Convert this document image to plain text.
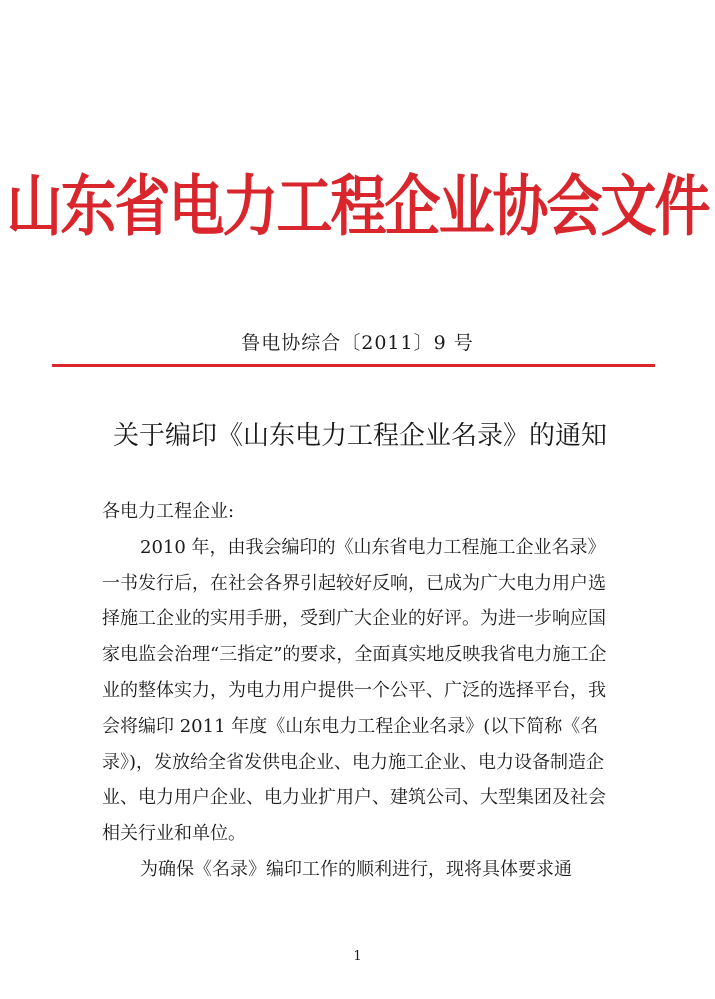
山东省电力工程企业协会文件
鲁电协综合〔2011〕9 号
关于编印《山东电力工程企业名录》的通知

各电力工程企业:

2010 年，由我会编印的《山东省电力工程施工企业名录》一书发行后，在社会各界引起较好反响，已成为广大电力用户选择施工企业的实用手册，受到广大企业的好评。为进一步响应国家电监会治理“三指定”的要求，全面真实地反映我省电力施工企业的整体实力，为电力用户提供一个公平、广泛的选择平台，我会将编印 2011 年度《山东电力工程企业名录》(以下简称《名录》)，发放给全省发供电企业、电力施工企业、电力设备制造企业、电力用户企业、电力业扩用户、建筑公司、大型集团及社会相关行业和单位。

为确保《名录》编印工作的顺利进行，现将具体要求通

1
